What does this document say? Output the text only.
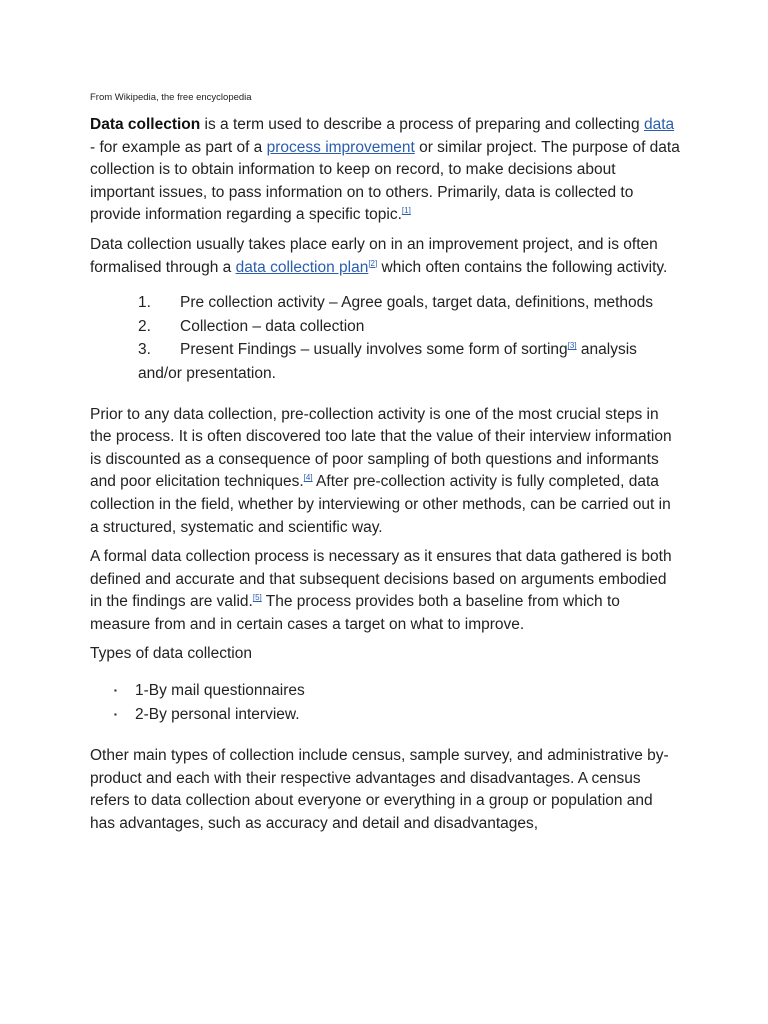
From Wikipedia, the free encyclopedia

Data collection is a term used to describe a process of preparing and collecting data - for example as part of a process improvement or similar project. The purpose of data collection is to obtain information to keep on record, to make decisions about important issues, to pass information on to others. Primarily, data is collected to provide information regarding a specific topic.[1]

Data collection usually takes place early on in an improvement project, and is often formalised through a data collection plan[2] which often contains the following activity.

1. Pre collection activity – Agree goals, target data, definitions, methods
2. Collection – data collection
3. Present Findings – usually involves some form of sorting[3] analysis and/or presentation.

Prior to any data collection, pre-collection activity is one of the most crucial steps in the process. It is often discovered too late that the value of their interview information is discounted as a consequence of poor sampling of both questions and informants and poor elicitation techniques.[4] After pre-collection activity is fully completed, data collection in the field, whether by interviewing or other methods, can be carried out in a structured, systematic and scientific way.

A formal data collection process is necessary as it ensures that data gathered is both defined and accurate and that subsequent decisions based on arguments embodied in the findings are valid.[5] The process provides both a baseline from which to measure from and in certain cases a target on what to improve.

Types of data collection

▪ 1-By mail questionnaires
▪ 2-By personal interview.

Other main types of collection include census, sample survey, and administrative by-product and each with their respective advantages and disadvantages. A census refers to data collection about everyone or everything in a group or population and has advantages, such as accuracy and detail and disadvantages,
